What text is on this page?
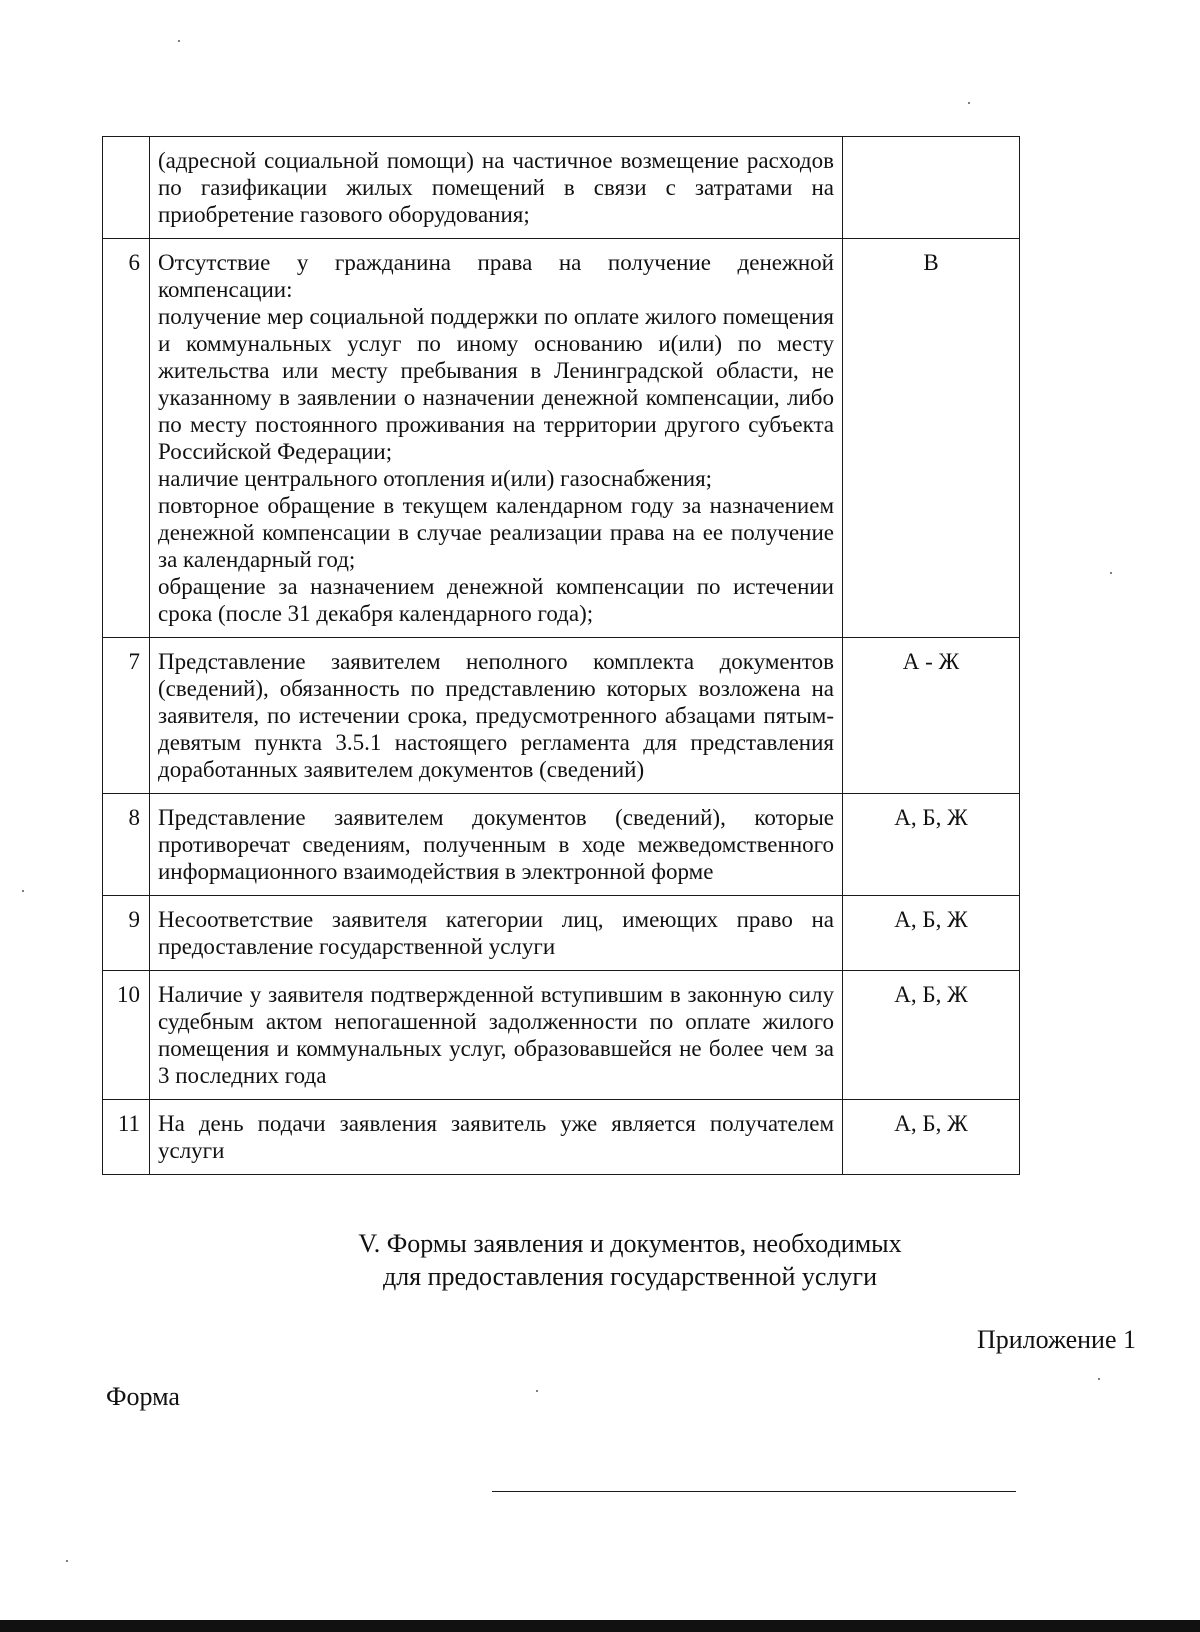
	(адресной социальной помощи) на частичное возмещение расходов по газификации жилых помещений в связи с затратами на приобретение газового оборудования;	

6	Отсутствие у гражданина права на получение денежной компенсации:
получение мер социальной поддержки по оплате жилого помещения и коммунальных услуг по иному основанию и(или) по месту жительства или месту пребывания в Ленинградской области, не указанному в заявлении о назначении денежной компенсации, либо по месту постоянного проживания на территории другого субъекта Российской Федерации;
наличие центрального отопления и(или) газоснабжения;
повторное обращение в текущем календарном году за назначением денежной компенсации в случае реализации права на ее получение за календарный год;
обращение за назначением денежной компенсации по истечении срока (после 31 декабря календарного года);	В
7	Представление заявителем неполного комплекта документов (сведений), обязанность по представлению которых возложена на заявителя, по истечении срока, предусмотренного абзацами пятым-девятым пункта 3.5.1 настоящего регламента для представления доработанных заявителем документов (сведений)	А - Ж
8	Представление заявителем документов (сведений), которые противоречат сведениям, полученным в ходе межведомственного информационного взаимодействия в электронной форме	А, Б, Ж
9	Несоответствие заявителя категории лиц, имеющих право на предоставление государственной услуги	А, Б, Ж
10	Наличие у заявителя подтвержденной вступившим в законную силу судебным актом непогашенной задолженности по оплате жилого помещения и коммунальных услуг, образовавшейся не более чем за 3 последних года	А, Б, Ж
11	На день подачи заявления заявитель уже является получателем услуги	А, Б, Ж
V. Формы заявления и документов, необходимых
для предоставления государственной услуги
Приложение 1
Форма
